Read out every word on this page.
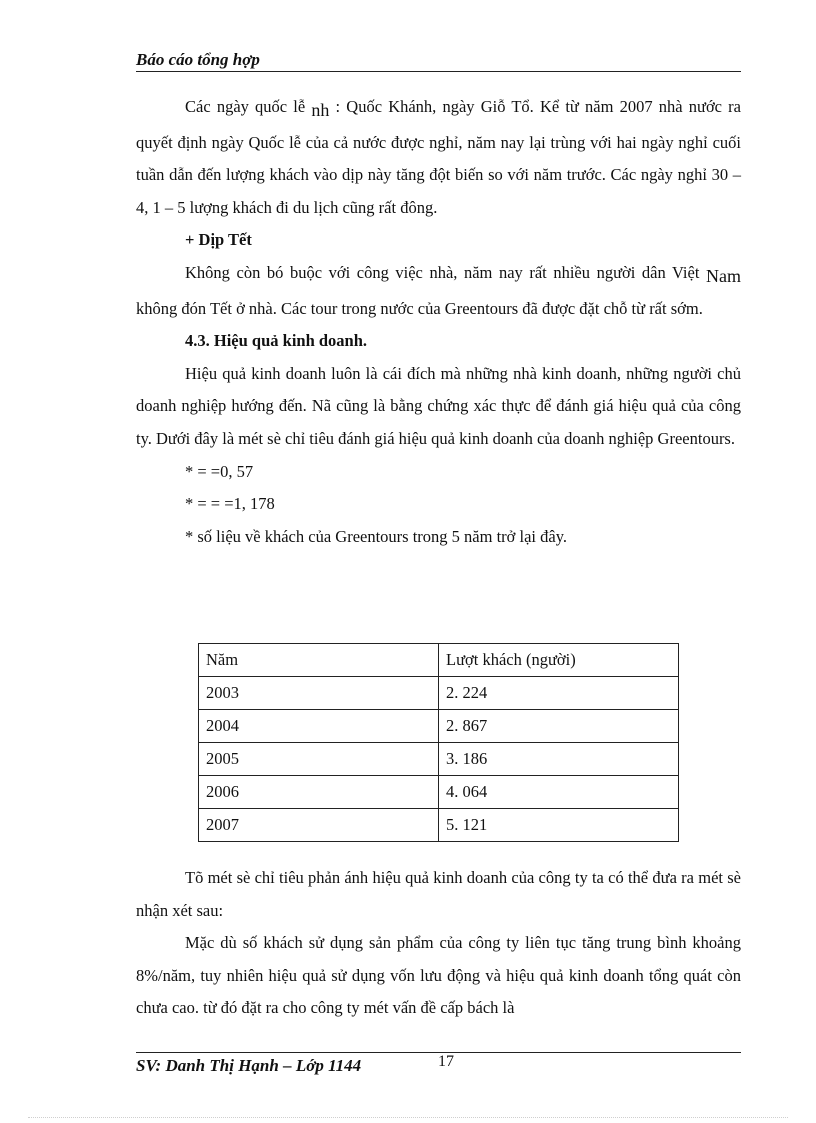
Báo cáo tổng hợp

Các ngày quốc lễ nh : Quốc Khánh, ngày Giỗ Tổ. Kể từ năm 2007 nhà nước ra quyết định ngày Quốc lễ của cả nước được nghỉ, năm nay lại trùng với hai ngày nghỉ cuối tuần dẫn đến lượng khách vào dịp này tăng đột biến so với năm trước. Các ngày nghỉ 30 – 4, 1 – 5 lượng khách đi du lịch cũng rất đông.

+ Dịp Tết

Không còn bó buộc với công việc nhà, năm nay rất nhiều người dân Việt Nam không đón Tết ở nhà. Các tour trong nước của Greentours đã được đặt chỗ từ rất sớm.

4.3. Hiệu quả kinh doanh.

Hiệu quả kinh doanh luôn là cái đích mà những nhà kinh doanh, những người chủ doanh nghiệp hướng đến. Nã cũng là bằng chứng xác thực để đánh giá hiệu quả của công ty. Dưới đây là mét sè chỉ tiêu đánh giá hiệu quả kinh doanh của doanh nghiệp Greentours.

* = =0, 57

* = = =1, 178

* số liệu về khách của Greentours trong 5 năm trở lại đây.

Năm	Lượt khách (người)
2003	2. 224
2004	2. 867
2005	3. 186
2006	4. 064
2007	5. 121

Tõ mét sè chỉ tiêu phản ánh hiệu quả kinh doanh của công ty ta có thể đưa ra mét sè nhận xét sau:

Mặc dù số khách sử dụng sản phẩm của công ty liên tục tăng trung bình khoảng 8%/năm, tuy nhiên hiệu quả sử dụng vốn lưu động và hiệu quả kinh doanh tổng quát còn chưa cao. từ đó đặt ra cho công ty mét vấn đề cấp bách là

SV: Danh Thị Hạnh – Lớp 1144	17
